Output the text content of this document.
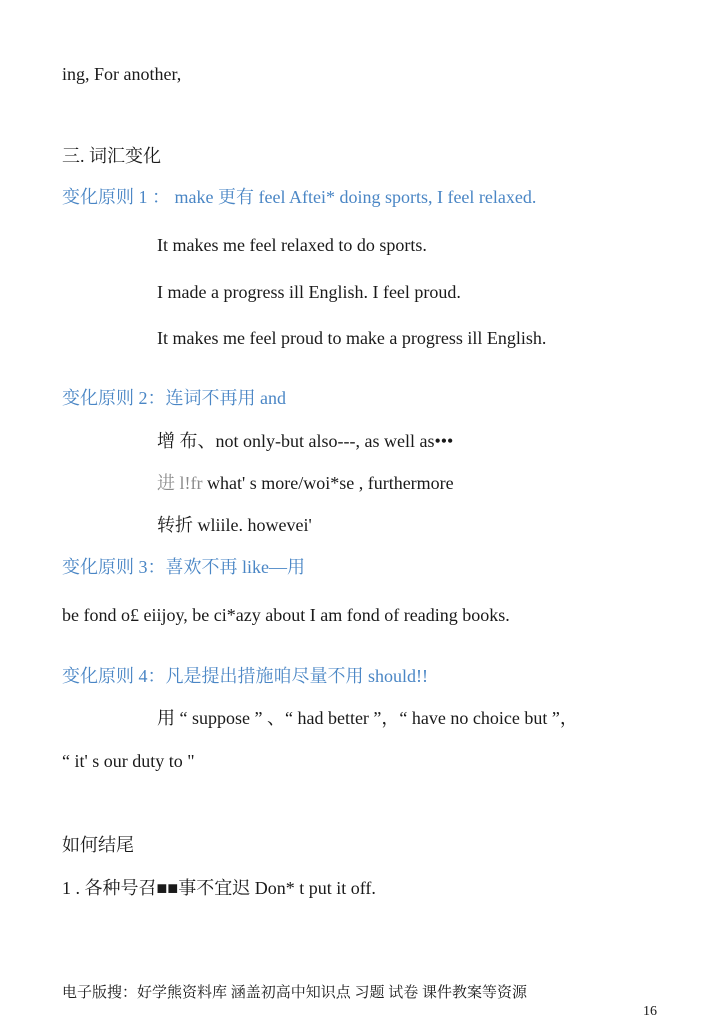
ing, For another,
三. 词汇变化
变化原则 1 ： make 更有 feel Aftei* doing sports, I feel relaxed.
It makes me feel relaxed to do sports.
I made a progress ill English. I feel proud.
It makes me feel proud to make a progress ill English.
变化原则 2：连词不再用 and
增 布、not only-but also---, as well as•••
进 l!fr what' s more/woi*se , furthermore
转折 wliile. howevei'
变化原则 3：喜欢不再 like—用
be fond o£ eiijoy, be ci*azy about I am fond of reading books.
变化原则 4：凡是提出措施咱尽量不用 should!!
用 “ suppose ” 、“ had better ”，“ have no choice but ”，
“ it' s our duty to "
如何结尾
1 . 各种号召■■事不宜迟 Don* t put it off.
电子版搜：好学熊资料库 涵盖初高中知识点 习题 试卷 课件教案等资源
16
